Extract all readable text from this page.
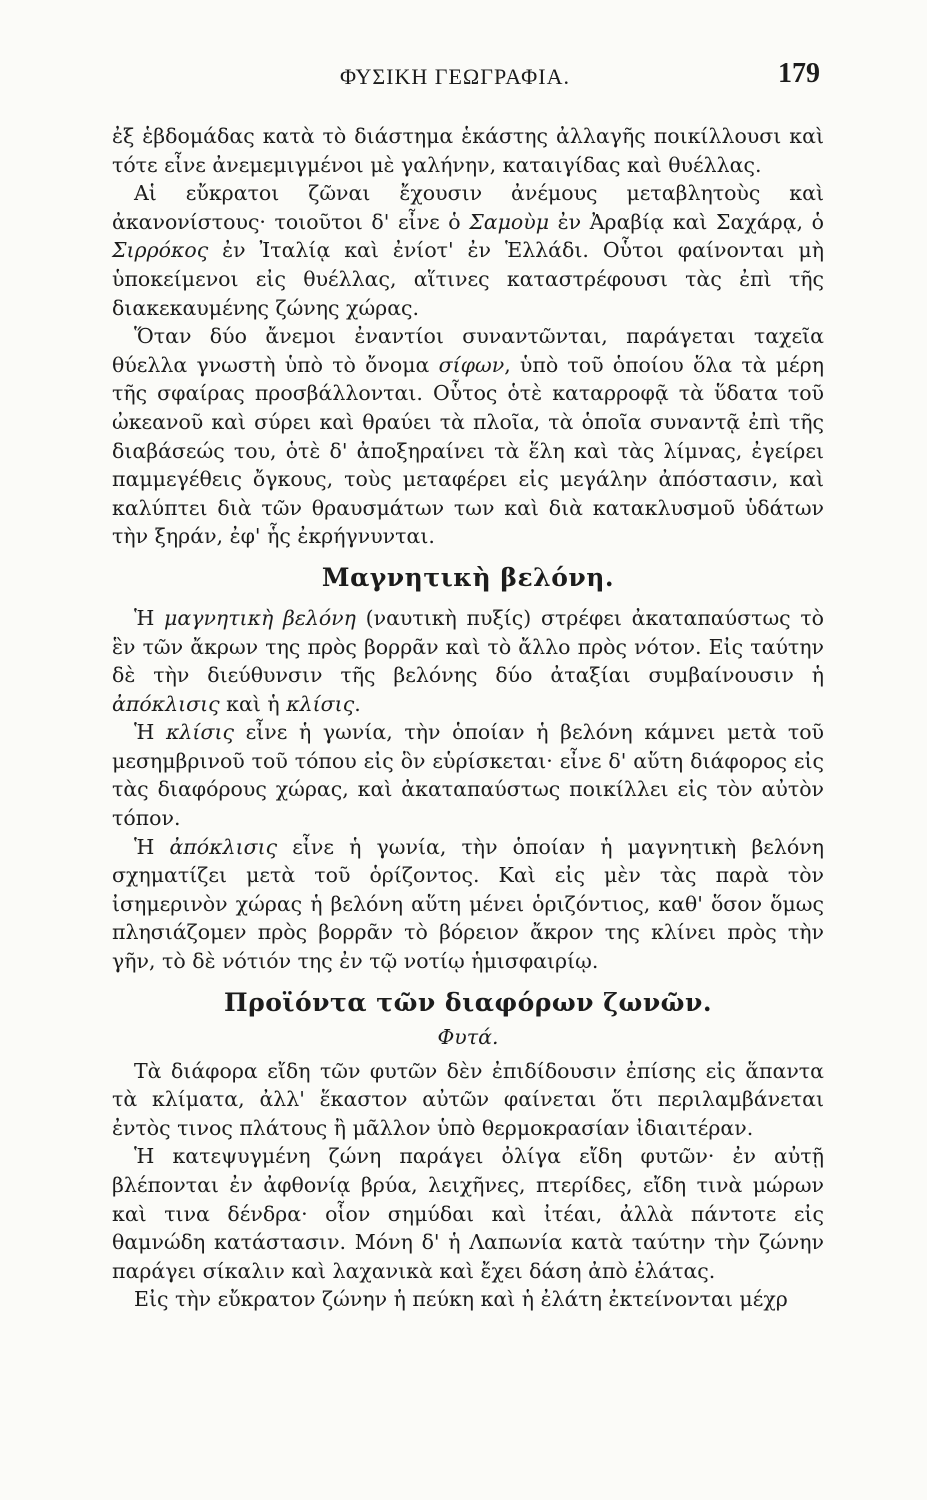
ΦΥΣΙΚΗ ΓΕΩΓΡΑΦΙΑ.	179

ἐξ ἑβδομάδας κατὰ τὸ διάστημα ἑκάστης ἀλλαγῆς ποικίλλουσι καὶ τότε εἶνε ἀνεμεμιγμένοι μὲ γαλήνην, καταιγίδας καὶ θυέλλας.

Αἱ εὔκρατοι ζῶναι ἔχουσιν ἀνέμους μεταβλητοὺς καὶ ἀκανονίστους· τοιοῦτοι δ' εἶνε ὁ Σαμοὺμ ἐν Ἀραβίᾳ καὶ Σαχάρᾳ, ὁ Σιρρόκος ἐν Ἰταλίᾳ καὶ ἐνίοτ' ἐν Ἑλλάδι. Οὗτοι φαίνονται μὴ ὑποκείμενοι εἰς θυέλλας, αἵτινες καταστρέφουσι τὰς ἐπὶ τῆς διακεκαυμένης ζώνης χώρας.

Ὅταν δύο ἄνεμοι ἐναντίοι συναντῶνται, παράγεται ταχεῖα θύελλα γνωστὴ ὑπὸ τὸ ὄνομα σίφων, ὑπὸ τοῦ ὁποίου ὅλα τὰ μέρη τῆς σφαίρας προσβάλλονται. Οὗτος ὁτὲ καταρροφᾷ τὰ ὕδατα τοῦ ὠκεανοῦ καὶ σύρει καὶ θραύει τὰ πλοῖα, τὰ ὁποῖα συναντᾷ ἐπὶ τῆς διαβάσεώς του, ὁτὲ δ' ἀποξηραίνει τὰ ἕλη καὶ τὰς λίμνας, ἐγείρει παμμεγέθεις ὄγκους, τοὺς μεταφέρει εἰς μεγάλην ἀπόστασιν, καὶ καλύπτει διὰ τῶν θραυσμάτων των καὶ διὰ κατακλυσμοῦ ὑδάτων τὴν ξηράν, ἐφ' ἧς ἐκρήγνυνται.

Μαγνητικὴ βελόνη.

Ἡ μαγνητικὴ βελόνη (ναυτικὴ πυξίς) στρέφει ἀκαταπαύστως τὸ ἓν τῶν ἄκρων της πρὸς βορρᾶν καὶ τὸ ἄλλο πρὸς νότον. Εἰς ταύτην δὲ τὴν διεύθυνσιν τῆς βελόνης δύο ἀταξίαι συμβαίνουσιν ἡ ἀπόκλισις καὶ ἡ κλίσις.

Ἡ κλίσις εἶνε ἡ γωνία, τὴν ὁποίαν ἡ βελόνη κάμνει μετὰ τοῦ μεσημβρινοῦ τοῦ τόπου εἰς ὃν εὑρίσκεται· εἶνε δ' αὕτη διάφορος εἰς τὰς διαφόρους χώρας, καὶ ἀκαταπαύστως ποικίλλει εἰς τὸν αὐτὸν τόπον.

Ἡ ἀπόκλισις εἶνε ἡ γωνία, τὴν ὁποίαν ἡ μαγνητικὴ βελόνη σχηματίζει μετὰ τοῦ ὁρίζοντος. Καὶ εἰς μὲν τὰς παρὰ τὸν ἰσημερινὸν χώρας ἡ βελόνη αὕτη μένει ὁριζόντιος, καθ' ὅσον ὅμως πλησιάζομεν πρὸς βορρᾶν τὸ βόρειον ἄκρον της κλίνει πρὸς τὴν γῆν, τὸ δὲ νότιόν της ἐν τῷ νοτίῳ ἡμισφαιρίῳ.

Προϊόντα τῶν διαφόρων ζωνῶν.
Φυτά.

Τὰ διάφορα εἴδη τῶν φυτῶν δὲν ἐπιδίδουσιν ἐπίσης εἰς ἅπαντα τὰ κλίματα, ἀλλ' ἕκαστον αὐτῶν φαίνεται ὅτι περιλαμβάνεται ἐντὸς τινος πλάτους ἢ μᾶλλον ὑπὸ θερμοκρασίαν ἰδιαιτέραν.

Ἡ κατεψυγμένη ζώνη παράγει ὀλίγα εἴδη φυτῶν· ἐν αὐτῇ βλέπονται ἐν ἀφθονίᾳ βρύα, λειχῆνες, πτερίδες, εἴδη τινὰ μώρων καὶ τινα δένδρα· οἷον σημύδαι καὶ ἰτέαι, ἀλλὰ πάντοτε εἰς θαμνώδη κατάστασιν. Μόνη δ' ἡ Λαπωνία κατὰ ταύτην τὴν ζώνην παράγει σίκαλιν καὶ λαχανικὰ καὶ ἔχει δάση ἀπὸ ἐλάτας.

Εἰς τὴν εὔκρατον ζώνην ἡ πεύκη καὶ ἡ ἐλάτη ἐκτείνονται μέχρ
